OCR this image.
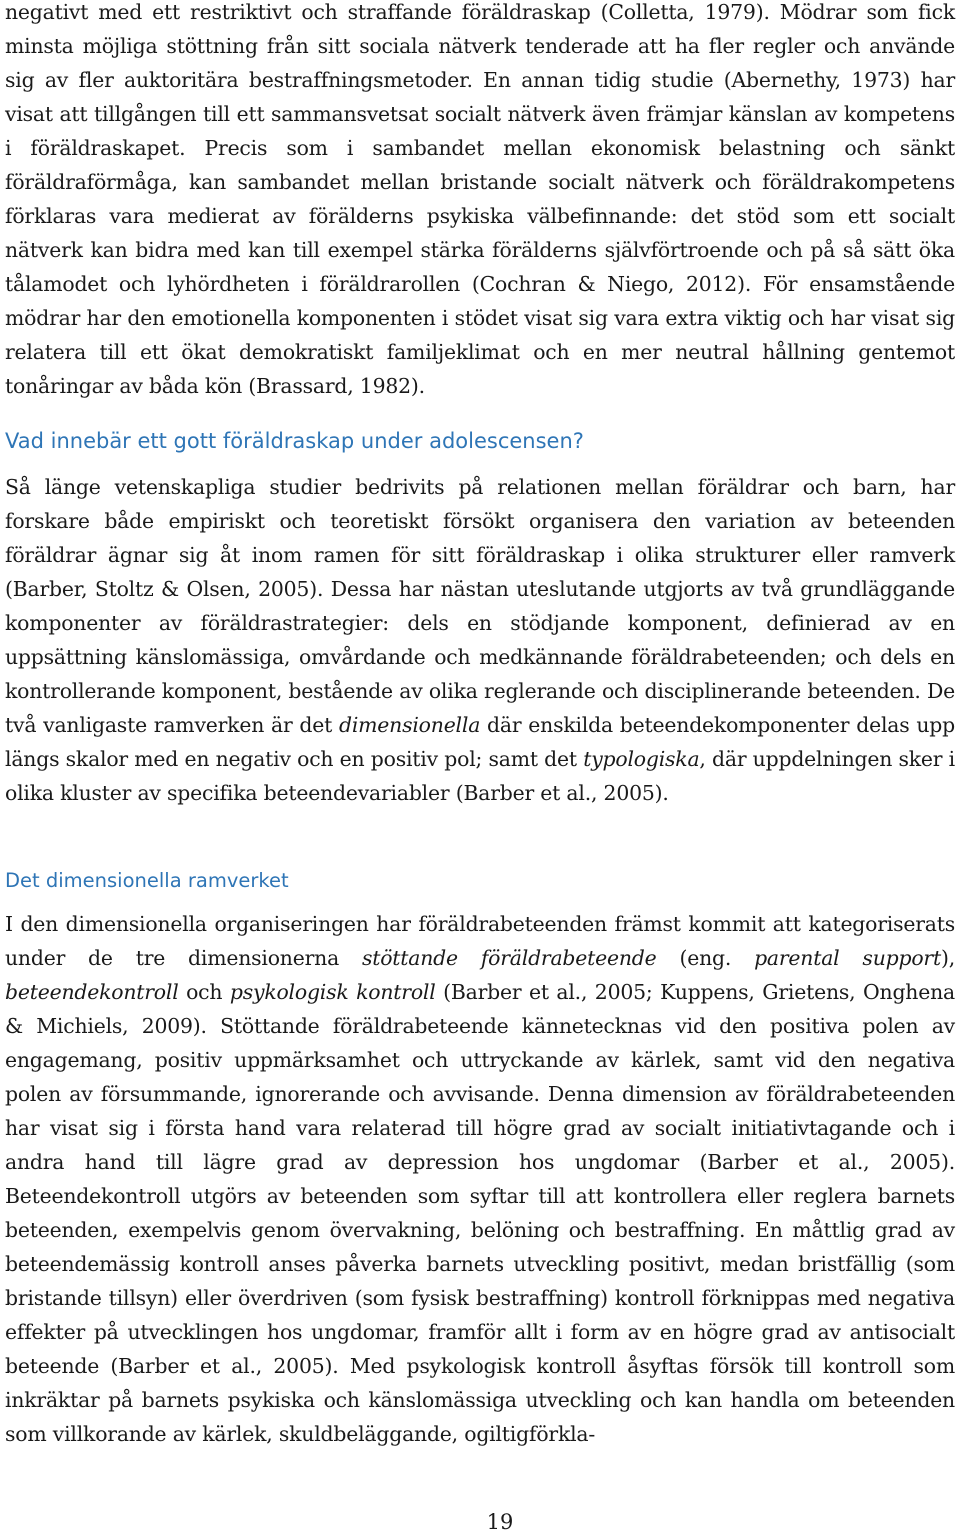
negativt med ett restriktivt och straffande föräldraskap (Colletta, 1979). Mödrar som fick minsta möjliga stöttning från sitt sociala nätverk tenderade att ha fler regler och använde sig av fler auktoritära bestraffningsmetoder. En annan tidig studie (Abernethy, 1973) har visat att tillgången till ett sammansvetsat socialt nätverk även främjar känslan av kompetens i föräldraskapet. Precis som i sambandet mellan ekonomisk belastning och sänkt föräldraförmåga, kan sambandet mellan bristande socialt nätverk och föräldrakompetens förklaras vara medierat av förälderns psykiska välbefinnande: det stöd som ett socialt nätverk kan bidra med kan till exempel stärka förälderns självförtroende och på så sätt öka tålamodet och lyhördheten i föräldrarollen (Cochran & Niego, 2012). För ensamstående mödrar har den emotionella komponenten i stödet visat sig vara extra viktig och har visat sig relatera till ett ökat demokratiskt familjeklimat och en mer neutral hållning gentemot tonåringar av båda kön (Brassard, 1982).

Vad innebär ett gott föräldraskap under adolescensen?

Så länge vetenskapliga studier bedrivits på relationen mellan föräldrar och barn, har forskare både empiriskt och teoretiskt försökt organisera den variation av beteenden föräldrar ägnar sig åt inom ramen för sitt föräldraskap i olika strukturer eller ramverk (Barber, Stoltz & Olsen, 2005). Dessa har nästan uteslutande utgjorts av två grundläggande komponenter av föräldrastrategier: dels en stödjande komponent, definierad av en uppsättning känslomässiga, omvårdande och medkännande föräldrabeteenden; och dels en kontrollerande komponent, bestående av olika reglerande och disciplinerande beteenden. De två vanligaste ramverken är det dimensionella där enskilda beteendekomponenter delas upp längs skalor med en negativ och en positiv pol; samt det typologiska, där uppdelningen sker i olika kluster av specifika beteendevariabler (Barber et al., 2005).

Det dimensionella ramverket

I den dimensionella organiseringen har föräldrabeteenden främst kommit att kategoriserats under de tre dimensionerna stöttande föräldrabeteende (eng. parental support), beteendekontroll och psykologisk kontroll (Barber et al., 2005; Kuppens, Grietens, Onghena & Michiels, 2009). Stöttande föräldrabeteende kännetecknas vid den positiva polen av engagemang, positiv uppmärksamhet och uttryckande av kärlek, samt vid den negativa polen av försummande, ignorerande och avvisande. Denna dimension av föräldrabeteenden har visat sig i första hand vara relaterad till högre grad av socialt initiativtagande och i andra hand till lägre grad av depression hos ungdomar (Barber et al., 2005). Beteendekontroll utgörs av beteenden som syftar till att kontrollera eller reglera barnets beteenden, exempelvis genom övervakning, belöning och bestraffning. En måttlig grad av beteendemässig kontroll anses påverka barnets utveckling positivt, medan bristfällig (som bristande tillsyn) eller överdriven (som fysisk bestraffning) kontroll förknippas med negativa effekter på utvecklingen hos ungdomar, framför allt i form av en högre grad av antisocialt beteende (Barber et al., 2005). Med psykologisk kontroll åsyftas försök till kontroll som inkräktar på barnets psykiska och känslomässiga utveckling och kan handla om beteenden som villkorande av kärlek, skuldbeläggande, ogiltigförkla-

19
